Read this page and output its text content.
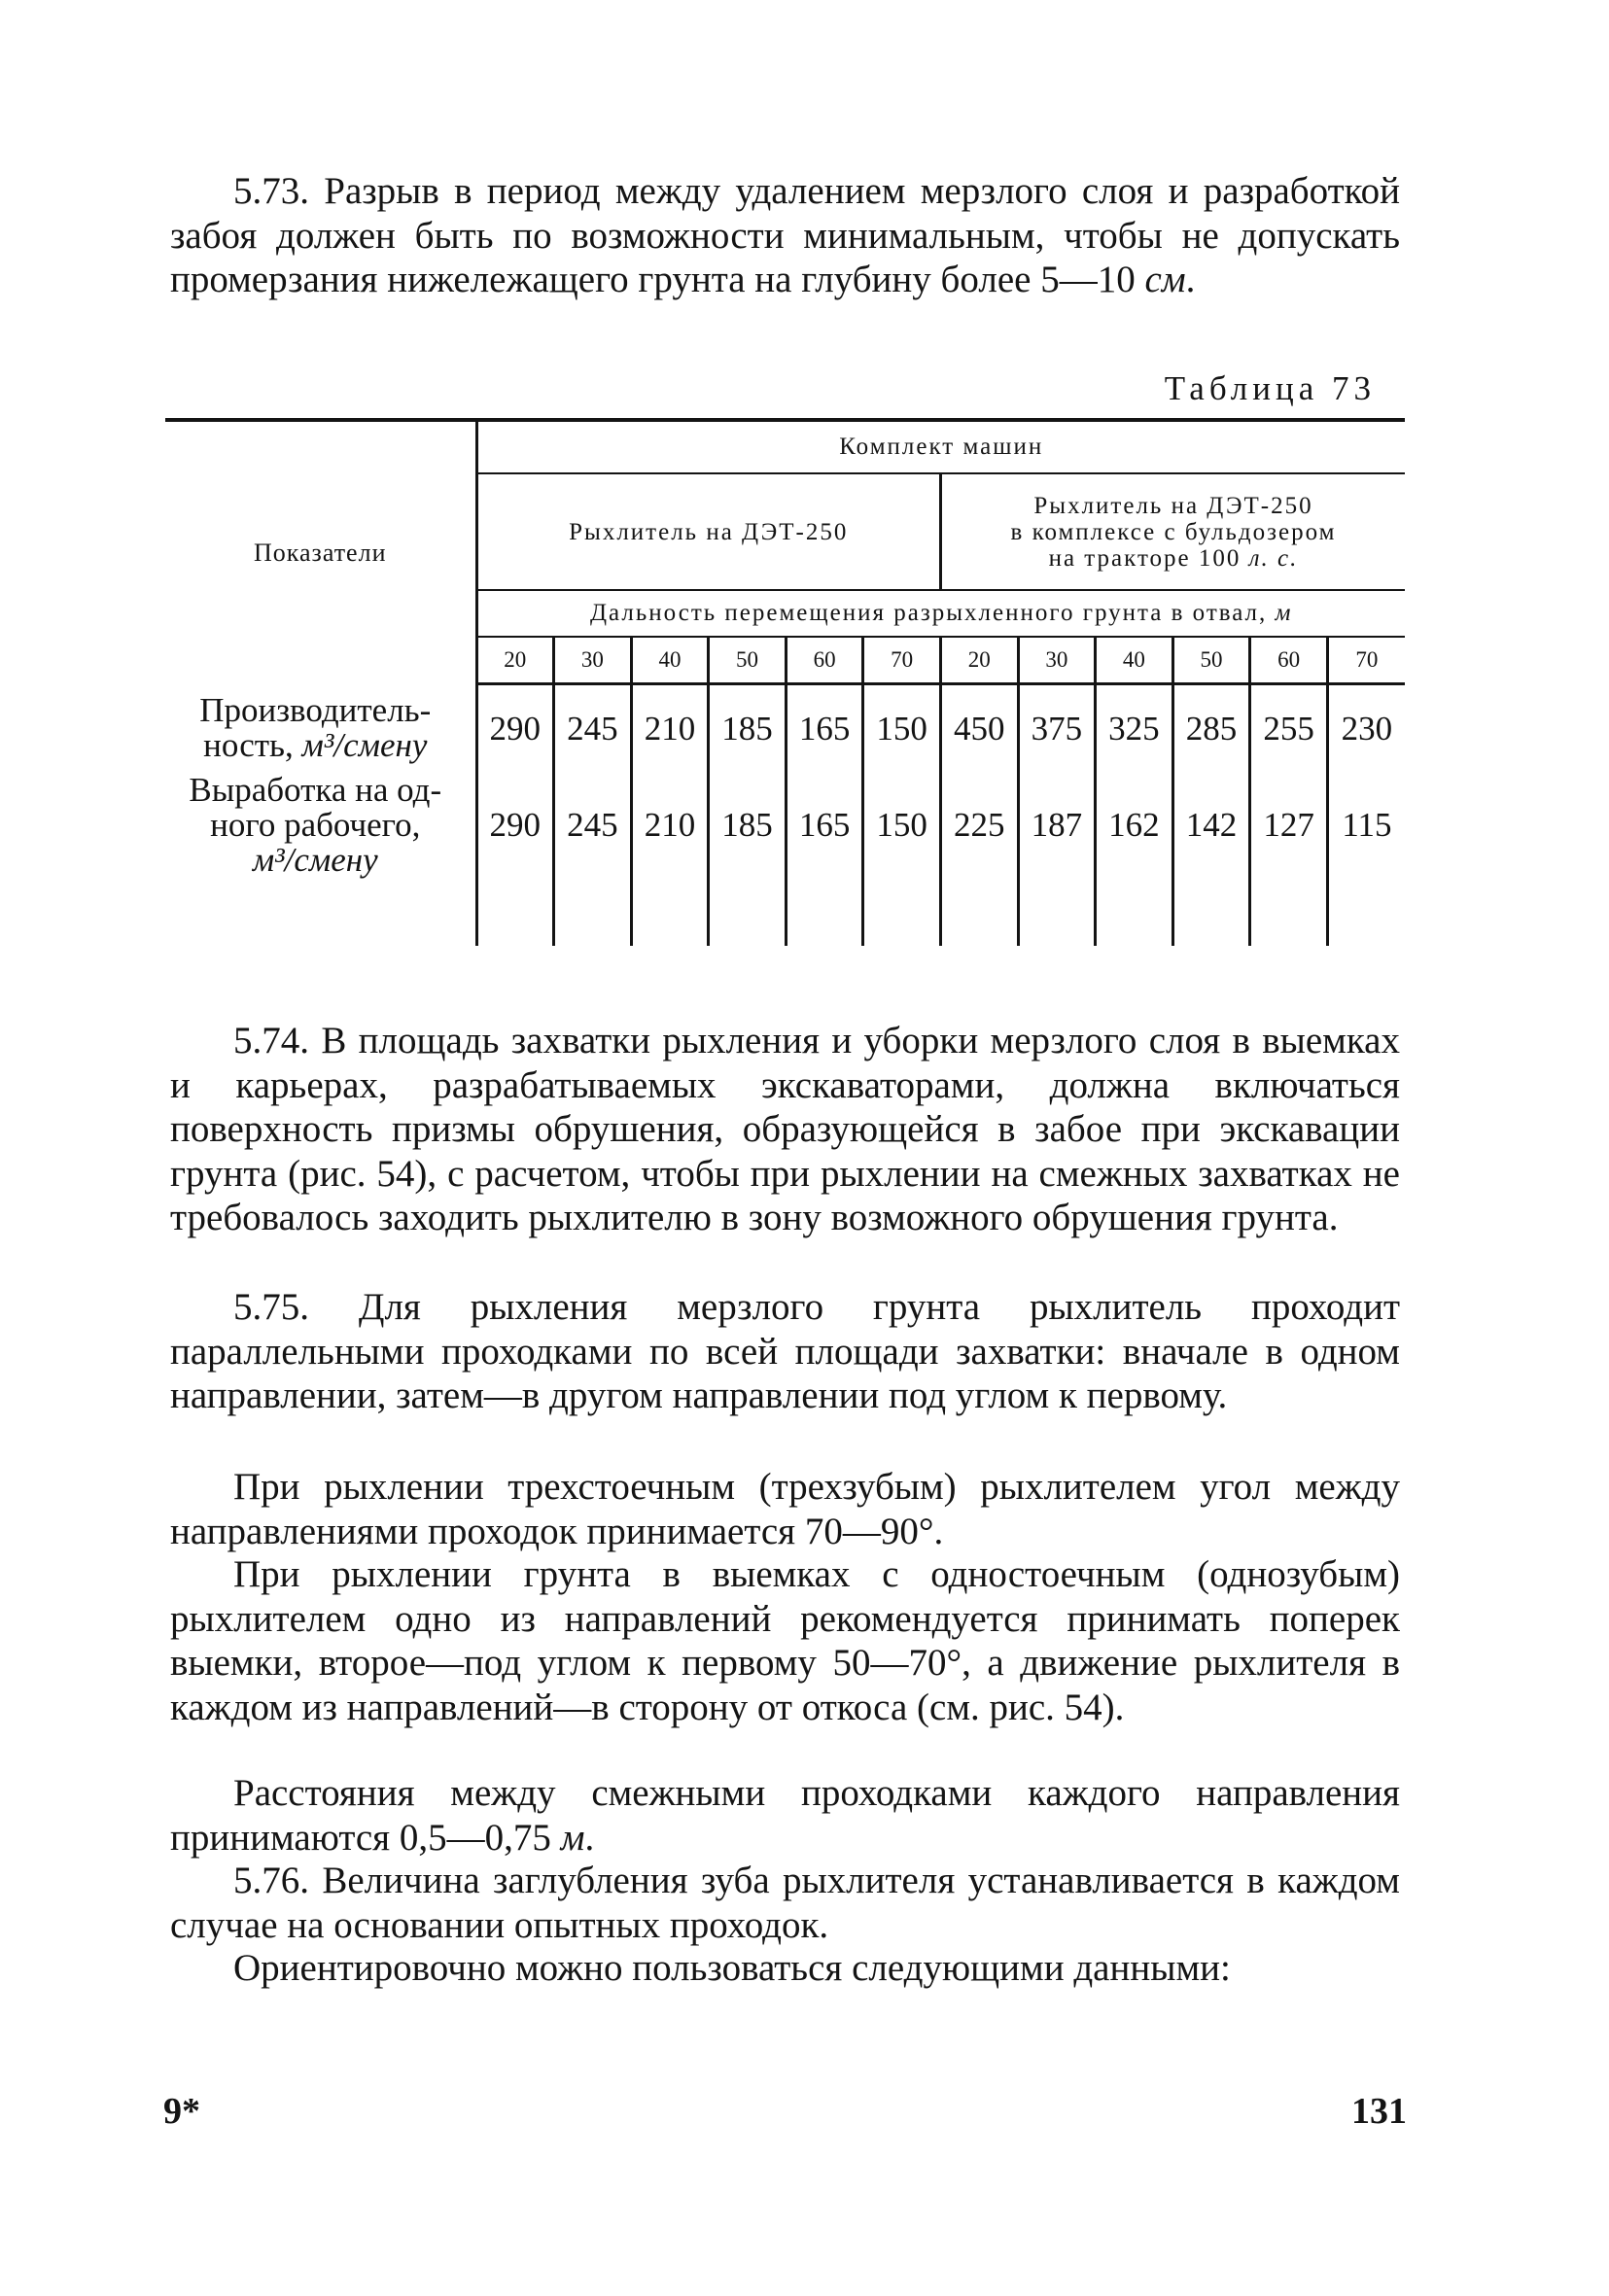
5.73. Разрыв в период между удалением мерзлого слоя и разработкой забоя должен быть по возможности минимальным, чтобы не допускать промерзания нижележащего грунта на глубину более 5—10 см.

Таблица 73
Показатели	Комплект машин											
	Рыхлитель на ДЭТ-250						Рыхлитель на ДЭТ-250
в комплексе с бульдозером
на тракторе 100 л. с.					
	Дальность перемещения разрыхленного грунта в отвал, м											
	20	30	40	50	60	70	20	30	40	50	60	70

Производитель-
ность, м³/смену	290	245	210	185	165	150	450	375	325	285	255	230

Выработка на од-
ного рабочего,
м³/смену	290	245	210	185	165	150	225	187	162	142	127	115

5.74. В площадь захватки рыхления и уборки мерзлого слоя в выемках и карьерах, разрабатываемых экскаваторами, должна включаться поверхность призмы обрушения, образующейся в забое при экскавации грунта (рис. 54), с расчетом, чтобы при рыхлении на смежных захватках не требовалось заходить рыхлителю в зону возможного обрушения грунта.

5.75. Для рыхления мерзлого грунта рыхлитель проходит параллельными проходками по всей площади захватки: вначале в одном направлении, затем—в другом направлении под углом к первому.

При рыхлении трехстоечным (трехзубым) рыхлителем угол между направлениями проходок принимается 70—90°.

При рыхлении грунта в выемках с одностоечным (однозубым) рыхлителем одно из направлений рекомендуется принимать поперек выемки, второе—под углом к первому 50—70°, а движение рыхлителя в каждом из направлений—в сторону от откоса (см. рис. 54).

Расстояния между смежными проходками каждого направления принимаются 0,5—0,75 м.

5.76. Величина заглубления зуба рыхлителя устанавливается в каждом случае на основании опытных проходок.

Ориентировочно можно пользоваться следующими данными:

9*	131
